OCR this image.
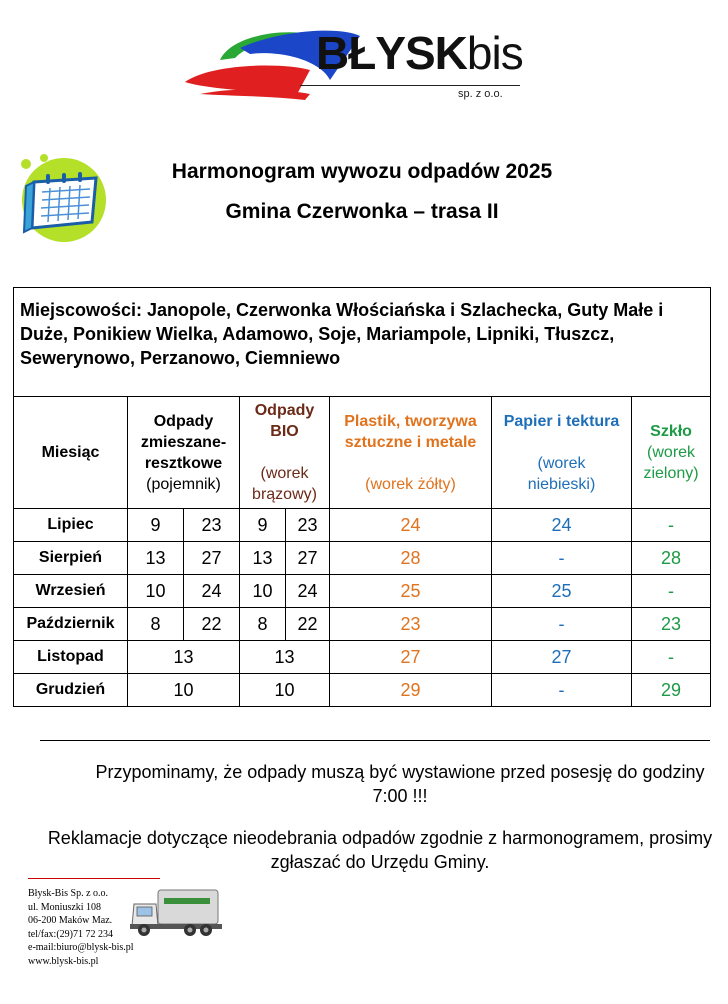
BŁYSKbis
sp. z o.o.
Harmonogram wywozu odpadów 2025
Gmina Czerwonka – trasa II
Miejscowości: Janopole, Czerwonka Włościańska i Szlachecka, Guty Małe i Duże, Ponikiew Wielka, Adamowo, Soje, Mariampole, Lipniki, Tłuszcz, Sewerynowo, Perzanowo, Ciemniewo							
Miesiąc	Odpady
zmieszane-
resztkowe
(pojemnik)		Odpady
BIO

(worek
brązowy)		Plastik, tworzywa
sztuczne i metale

(worek żółty)	Papier i tektura

(worek
niebieski)	Szkło
(worek
zielony)
Lipiec	9	23	9	23	24	24	-
Sierpień	13	27	13	27	28	-	28
Wrzesień	10	24	10	24	25	25	-
Październik	8	22	8	22	23	-	23
Listopad	13		13		27	27	-
Grudzień	10		10		29	-	29
Przypominamy, że odpady muszą być wystawione przed posesję do godziny 7:00 !!!
Reklamacje dotyczące nieodebrania odpadów zgodnie z harmonogramem, prosimy zgłaszać do Urzędu Gminy.
Błysk-Bis Sp. z o.o.
ul. Moniuszki 108
06-200 Maków Maz.
tel/fax:(29)71 72 234
e-mail:biuro@blysk-bis.pl
www.blysk-bis.pl
